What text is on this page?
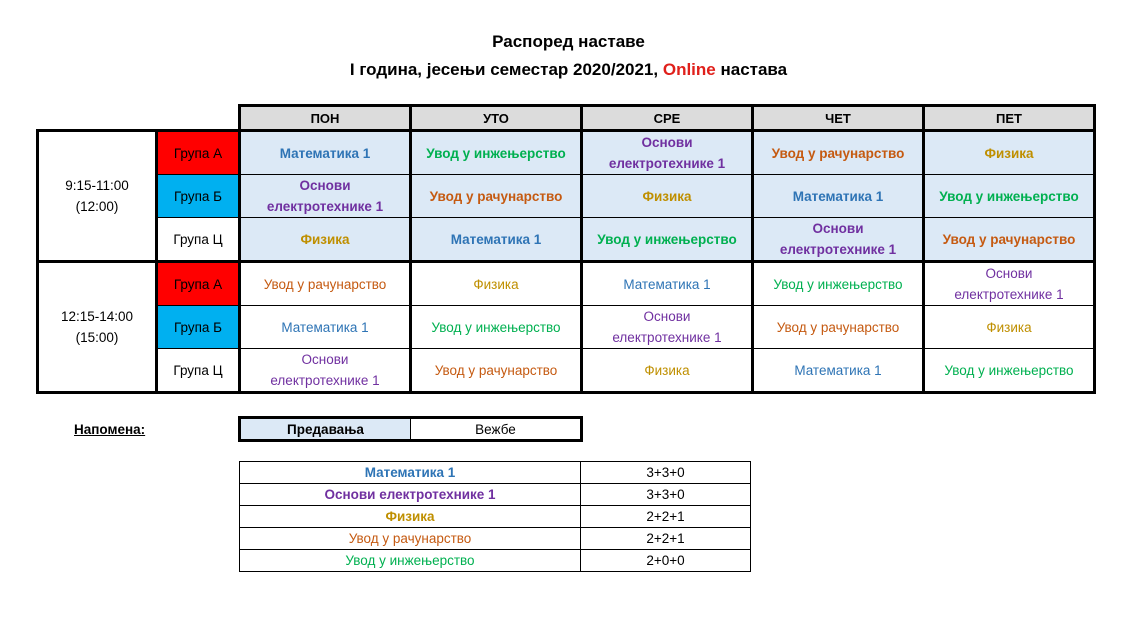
Распоред наставе
I година, јесењи семестар 2020/2021, Online настава
		ПОН	УТО	СРЕ	ЧЕТ	ПЕТ
9:15-11:00
(12:00)	Група А	Математика 1	Увод у инжењерство	Основи електротехнике 1	Увод у рачунарство	Физика
	Група Б	Основи електротехнике 1	Увод у рачунарство	Физика	Математика 1	Увод у инжењерство
	Група Ц	Физика	Математика 1	Увод у инжењерство	Основи електротехнике 1	Увод у рачунарство
12:15-14:00
(15:00)	Група А	Увод у рачунарство	Физика	Математика 1	Увод у инжењерство	Основи електротехнике 1
	Група Б	Математика 1	Увод у инжењерство	Основи електротехнике 1	Увод у рачунарство	Физика
	Група Ц	Основи електротехнике 1	Увод у рачунарство	Физика	Математика 1	Увод у инжењерство
Напомена:	Предавања	Вежбе
Математика 1	3+3+0
Основи електротехнике 1	3+3+0
Физика	2+2+1
Увод у рачунарство	2+2+1
Увод у инжењерство	2+0+0
